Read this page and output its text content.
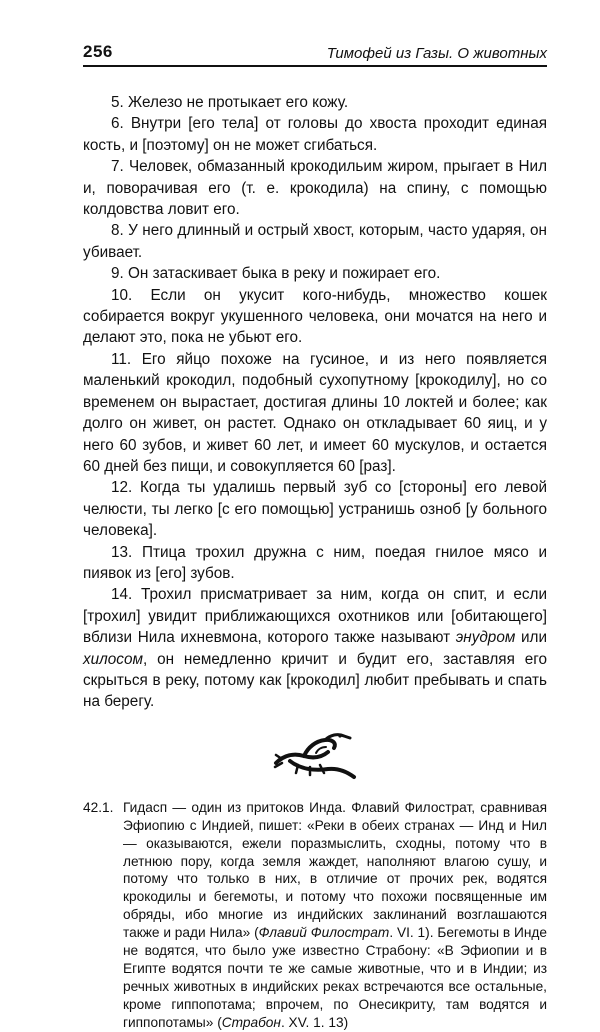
256	Тимофей из Газы. О животных

5. Железо не протыкает его кожу.

6. Внутри [его тела] от головы до хвоста проходит единая кость, и [поэтому] он не может сгибаться.

7. Человек, обмазанный крокодильим жиром, прыгает в Нил и, поворачивая его (т. е. крокодила) на спину, с помощью колдовства ловит его.

8. У него длинный и острый хвост, которым, часто ударяя, он убивает.

9. Он затаскивает быка в реку и пожирает его.

10. Если он укусит кого-нибудь, множество кошек собирается вокруг укушенного человека, они мочатся на него и делают это, пока не убьют его.

11. Его яйцо похоже на гусиное, и из него появляется маленький крокодил, подобный сухопутному [крокодилу], но со временем он вырастает, достигая длины 10 локтей и более; как долго он живет, он растет. Однако он откладывает 60 яиц, и у него 60 зубов, и живет 60 лет, и имеет 60 мускулов, и остается 60 дней без пищи, и совокупляется 60 [раз].

12. Когда ты удалишь первый зуб со [стороны] его левой челюсти, ты легко [с его помощью] устранишь озноб [у больного человека].

13. Птица трохил дружна с ним, поедая гнилое мясо и пиявок из [его] зубов.

14. Трохил присматривает за ним, когда он спит, и если [трохил] увидит приближающихся охотников или [обитающего] вблизи Нила ихневмона, которого также называют энудром или хилосом, он немедленно кричит и будит его, заставляя его скрыться в реку, потому как [крокодил] любит пребывать и спать на берегу.

42.1. Гидасп — один из притоков Инда. Флавий Филострат, сравнивая Эфиопию с Индией, пишет: «Реки в обеих странах — Инд и Нил — оказываются, ежели поразмыслить, сходны, потому что в летнюю пору, когда земля жаждет, наполняют влагою сушу, и потому что только в них, в отличие от прочих рек, водятся крокодилы и бегемоты, и потому что похожи посвященные им обряды, ибо многие из индийских заклинаний возглашаются также и ради Нила» (Флавий Филострат. VI. 1). Бегемоты в Инде не водятся, что было уже известно Страбону: «В Эфиопии и в Египте водятся почти те же самые животные, что и в Индии; из речных животных в индийских реках встречаются все остальные, кроме гиппопотама; впрочем, по Онесикриту, там водятся и гиппопотамы» (Страбон. XV. 1. 13)
